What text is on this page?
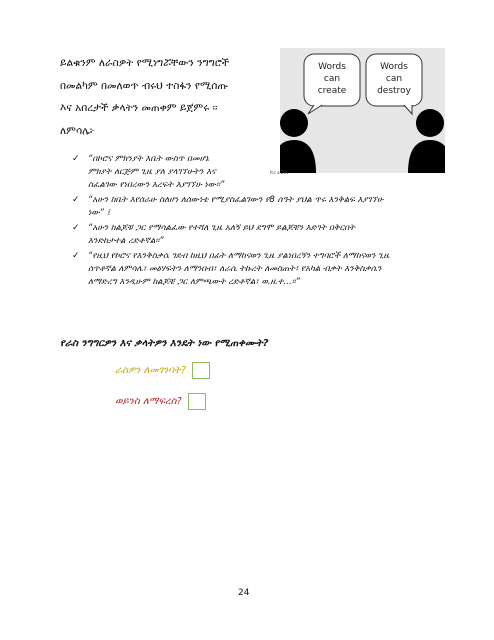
ይልቁንም ለራስዎት የሚነግሯቸውን ንግግሮች
በመልካም በመለወጥ ብሩህ ተስፋን የሚሰጡ
እና አበረታች ቃላትን መጠቀም ይጀምሩ ፡፡
ለምሳሌ፦
Words
can
create
Words
can
destroy
fcc a 2SV
✓ “በኮሮና ምክንያት እቤት ውስጥ በመሆኔ
ምክያት ለርጅም ጊዜ ያለ ያላገኘሁትን እና
ስፈልገው የነበረውን እረፍት እያገኘሁ ነው፡፡”
✓ “አሁን ከቤት እየሰራሁ ስለሆነ ለሰውነቴ የሚያስፈልገውን የ8 ሰዓት ያህል ጥሩ እንቅልፍ እያገኘሁ
ነው” ፤
✓ “አሁን ከልጆቹ ጋር የማሳልፈው የተሻለ ጊዜ አለኝ ይህ ደግሞ ይልጆቼን እድገት በቅርበት
እንድከታተል ረድቶኛል፡፡”
✓ “የዚህ የኮሮና የእንቅስቃሴ ገደብ ከዚህ በፊት ለማከናወን ጊዜ ያልነበረኝን ተግባሮች ለማከናወን ጊዜ
ሰጥቶኛል ለምሳሌ፣ መፅሃፍትን ለማንበብ፣ ለራሴ ትኩረት ለመስጠት፣ የአካል ብቃት እንቅስቃሴን
ለማድረግ እንዲሁም ከልጆቼ ጋር ለምጫውት ረድቶኛል፣ ወ.ዘ.ተ...፡፡”
የራስ ንግግርዎን እና ቃላትዎን እንዴት ነው የሚጠቀሙት?
ራስዎን ለመገንባት?
ወይንስ ለማፍረስ?
24
